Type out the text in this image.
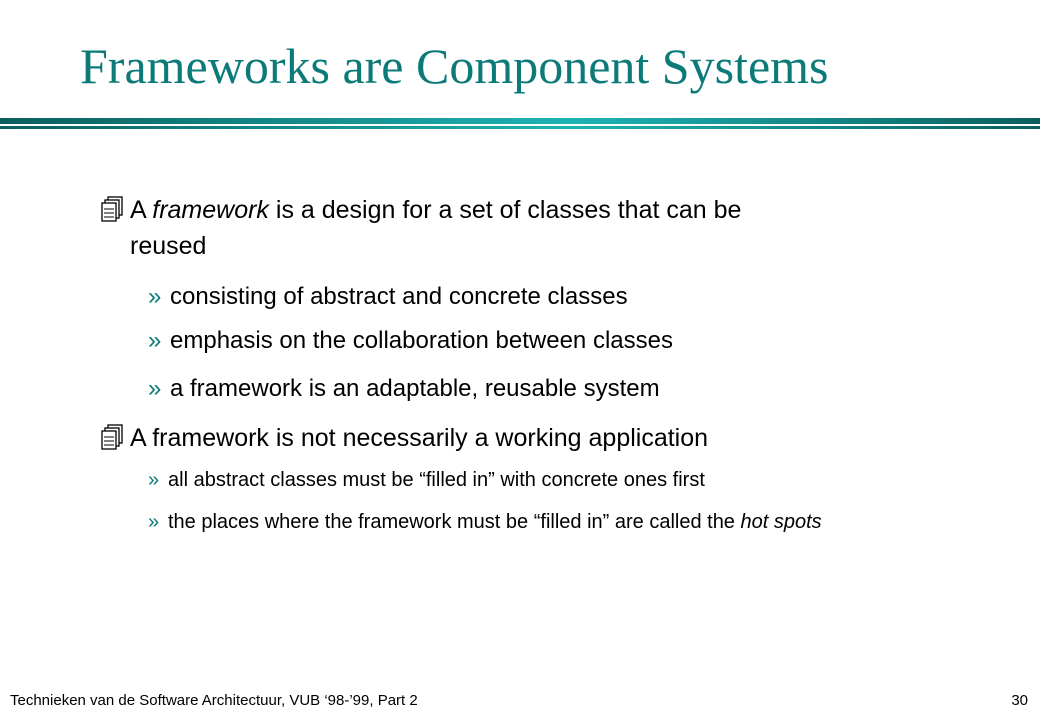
Frameworks are Component Systems
A framework is a design for a set of classes that can be reused
» consisting of abstract and concrete classes
» emphasis on the collaboration between classes
» a framework is an adaptable, reusable system
A framework is not necessarily a working application
» all abstract classes must be “filled in” with concrete ones first
» the places where the framework must be “filled in” are called the hot spots
Technieken van de Software Architectuur, VUB ‘98-’99, Part 2	30
